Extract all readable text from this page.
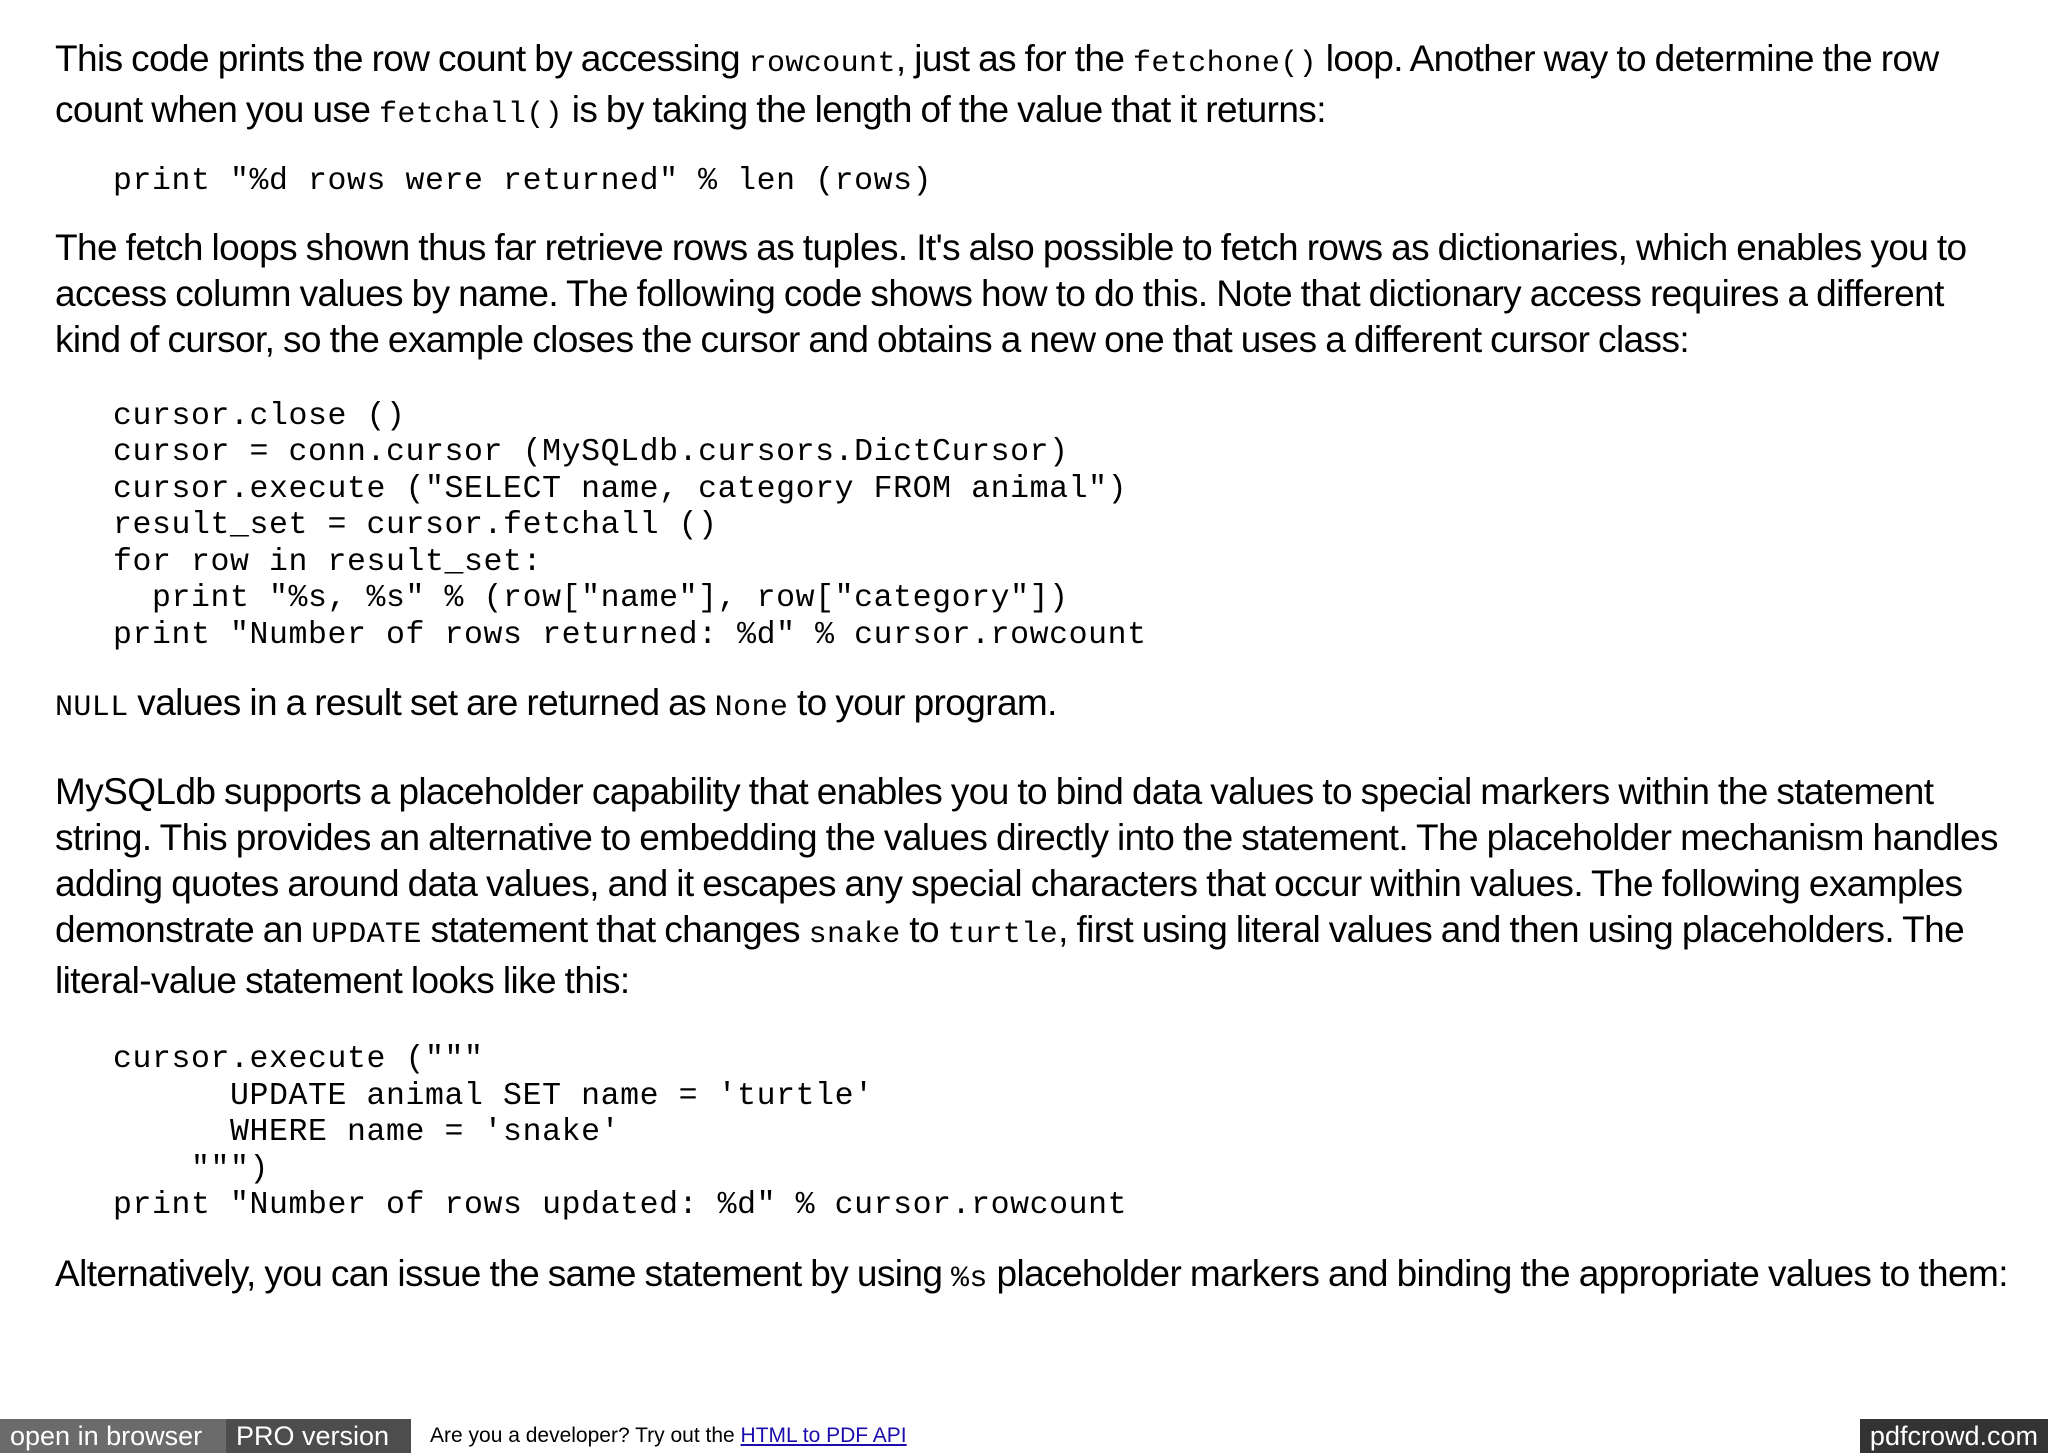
This code prints the row count by accessing rowcount, just as for the fetchone() loop. Another way to determine the row count when you use fetchall() is by taking the length of the value that it returns:

print "%d rows were returned" % len (rows)

The fetch loops shown thus far retrieve rows as tuples. It's also possible to fetch rows as dictionaries, which enables you to access column values by name. The following code shows how to do this. Note that dictionary access requires a different kind of cursor, so the example closes the cursor and obtains a new one that uses a different cursor class:

cursor.close ()
cursor = conn.cursor (MySQLdb.cursors.DictCursor)
cursor.execute ("SELECT name, category FROM animal")
result_set = cursor.fetchall ()
for row in result_set:
print "%s, %s" % (row["name"], row["category"])
print "Number of rows returned: %d" % cursor.rowcount

NULL values in a result set are returned as None to your program.

MySQLdb supports a placeholder capability that enables you to bind data values to special markers within the statement string. This provides an alternative to embedding the values directly into the statement. The placeholder mechanism handles adding quotes around data values, and it escapes any special characters that occur within values. The following examples demonstrate an UPDATE statement that changes snake to turtle, first using literal values and then using placeholders. The literal-value statement looks like this:

cursor.execute ("""
UPDATE animal SET name = 'turtle'
WHERE name = 'snake'
""")
print "Number of rows updated: %d" % cursor.rowcount

Alternatively, you can issue the same statement by using %s placeholder markers and binding the appropriate values to them:

open in browser	PRO version	Are you a developer? Try out the HTML to PDF API	pdfcrowd.com
